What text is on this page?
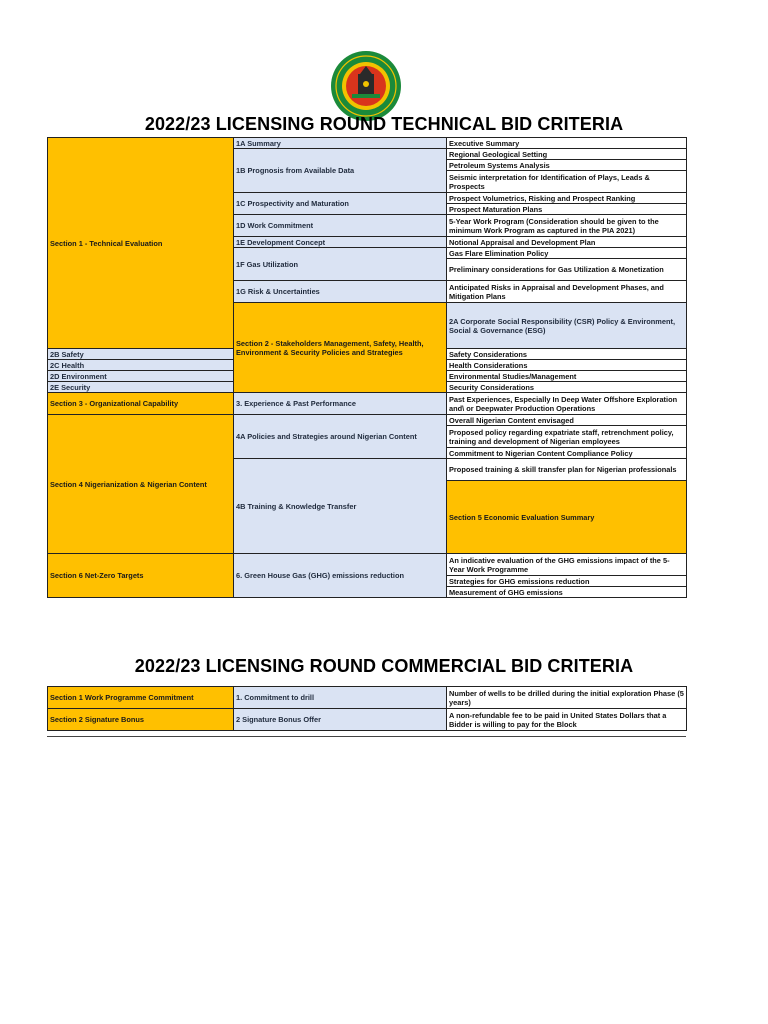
2022/23 LICENSING ROUND TECHNICAL BID CRITERIA
Section 1 - Technical Evaluation	1A Summary	Executive Summary	
	1B Prognosis from Available Data	Regional Geological Setting	
		Petroleum Systems Analysis	
		Seismic interpretation for Identification of Plays, Leads & Prospects	
	1C Prospectivity and Maturation	Prospect Volumetrics, Risking and Prospect Ranking	
		Prospect Maturation Plans	
	1D Work Commitment	5-Year Work Program (Consideration should be given to the minimum Work Program as captured in the PIA 2021)	
	1E Development Concept	Notional Appraisal and Development Plan	
	1F Gas Utilization	Gas Flare Elimination Policy	
		Preliminary considerations for Gas Utilization & Monetization	
	1G Risk & Uncertainties	Anticipated Risks in Appraisal and Development Phases, and Mitigation Plans	
	Section 2 - Stakeholders Management, Safety, Health, Environment & Security Policies and Strategies	2A Corporate Social Responsibility (CSR) Policy & Environment, Social & Governance (ESG)	
2B Safety		Safety Considerations	
2C Health		Health Considerations	
2D Environment		Environmental Studies/Management	
2E Security		Security Considerations	
Section 3 - Organizational Capability	3. Experience & Past Performance	Past Experiences, Especially In Deep Water Offshore Exploration and\ or Deepwater Production Operations	
Section 4 Nigerianization & Nigerian Content	4A Policies and Strategies around Nigerian Content	Overall Nigerian Content envisaged	
		Proposed policy regarding expatriate staff, retrenchment policy, training and development of Nigerian employees	
		Commitment to Nigerian Content Compliance Policy	
	4B Training & Knowledge Transfer	Proposed training & skill transfer plan for Nigerian professionals	
		Section 5 Economic Evaluation Summary		
Section 6 Net-Zero Targets	6. Green House Gas (GHG) emissions reduction	An indicative evaluation of the GHG emissions impact of the 5-Year Work Programme	
		Strategies for GHG emissions reduction	
		Measurement of GHG emissions	
2022/23 LICENSING ROUND COMMERCIAL BID CRITERIA
Section 1 Work Programme Commitment	1. Commitment to drill	Number of wells to be drilled during the initial exploration Phase (5 years)
Section 2 Signature Bonus	2 Signature Bonus Offer	A non-refundable fee to be paid in United States Dollars that a Bidder is willing to pay for the Block
